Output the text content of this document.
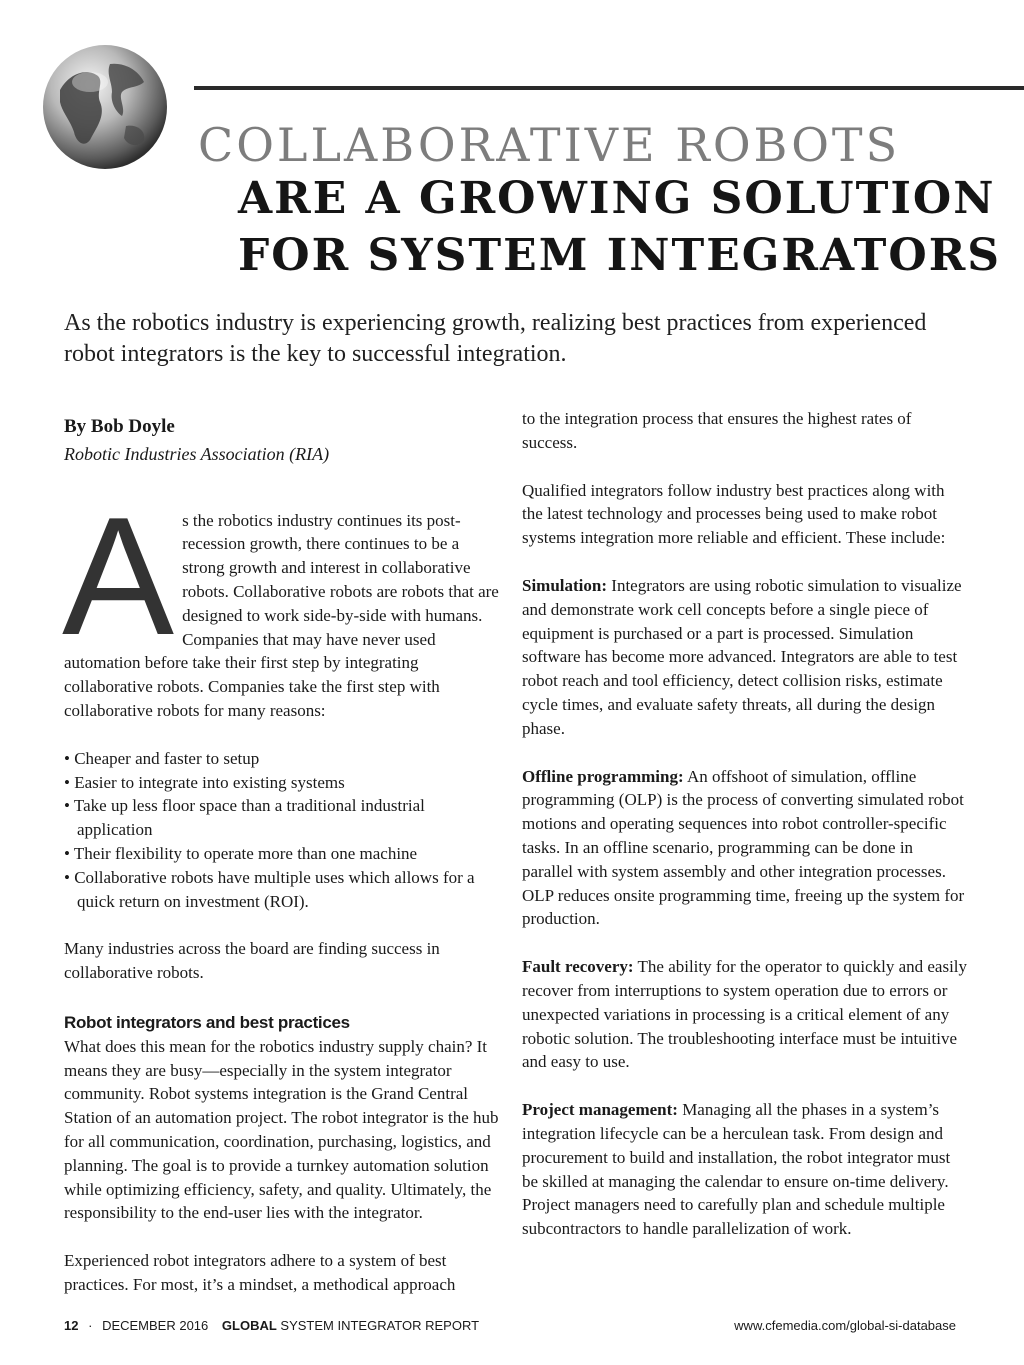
COLLABORATIVE ROBOTS
ARE A GROWING SOLUTION
FOR SYSTEM INTEGRATORS
As the robotics industry is experiencing growth, realizing best practices from experienced robot integrators is the key to successful integration.
By Bob Doyle
Robotic Industries Association (RIA)
A s the robotics industry continues its post-recession growth, there continues to be a strong growth and interest in collaborative robots. Collaborative robots are robots that are designed to work side-by-side with humans. Companies that may have never used automation before take their first step by integrating collaborative robots. Companies take the first step with collaborative robots for many reasons:
• Cheaper and faster to setup
• Easier to integrate into existing systems
• Take up less floor space than a traditional industrial application
• Their flexibility to operate more than one machine
• Collaborative robots have multiple uses which allows for a quick return on investment (ROI).

Many industries across the board are finding success in collaborative robots.

Robot integrators and best practices

What does this mean for the robotics industry supply chain? It means they are busy—especially in the system integrator community. Robot systems integration is the Grand Central Station of an automation project. The robot integrator is the hub for all communication, coordination, purchasing, logistics, and planning. The goal is to provide a turnkey automation solution while optimizing efficiency, safety, and quality. Ultimately, the responsibility to the end-user lies with the integrator.

Experienced robot integrators adhere to a system of best practices. For most, it’s a mindset, a methodical approach

to the integration process that ensures the highest rates of success.

Qualified integrators follow industry best practices along with the latest technology and processes being used to make robot systems integration more reliable and efficient. These include:

Simulation: Integrators are using robotic simulation to visualize and demonstrate work cell concepts before a single piece of equipment is purchased or a part is processed. Simulation software has become more advanced. Integrators are able to test robot reach and tool efficiency, detect collision risks, estimate cycle times, and evaluate safety threats, all during the design phase.

Offline programming: An offshoot of simulation, offline programming (OLP) is the process of converting simulated robot motions and operating sequences into robot controller-specific tasks. In an offline scenario, programming can be done in parallel with system assembly and other integration processes. OLP reduces onsite programming time, freeing up the system for production.

Fault recovery: The ability for the operator to quickly and easily recover from interruptions to system operation due to errors or unexpected variations in processing is a critical element of any robotic solution. The troubleshooting interface must be intuitive and easy to use.

Project management: Managing all the phases in a system’s integration lifecycle can be a herculean task. From design and procurement to build and installation, the robot integrator must be skilled at managing the calendar to ensure on-time delivery. Project managers need to carefully plan and schedule multiple subcontractors to handle parallelization of work.

12 · DECEMBER 2016 GLOBAL SYSTEM INTEGRATOR REPORT	www.cfemedia.com/global-si-database
